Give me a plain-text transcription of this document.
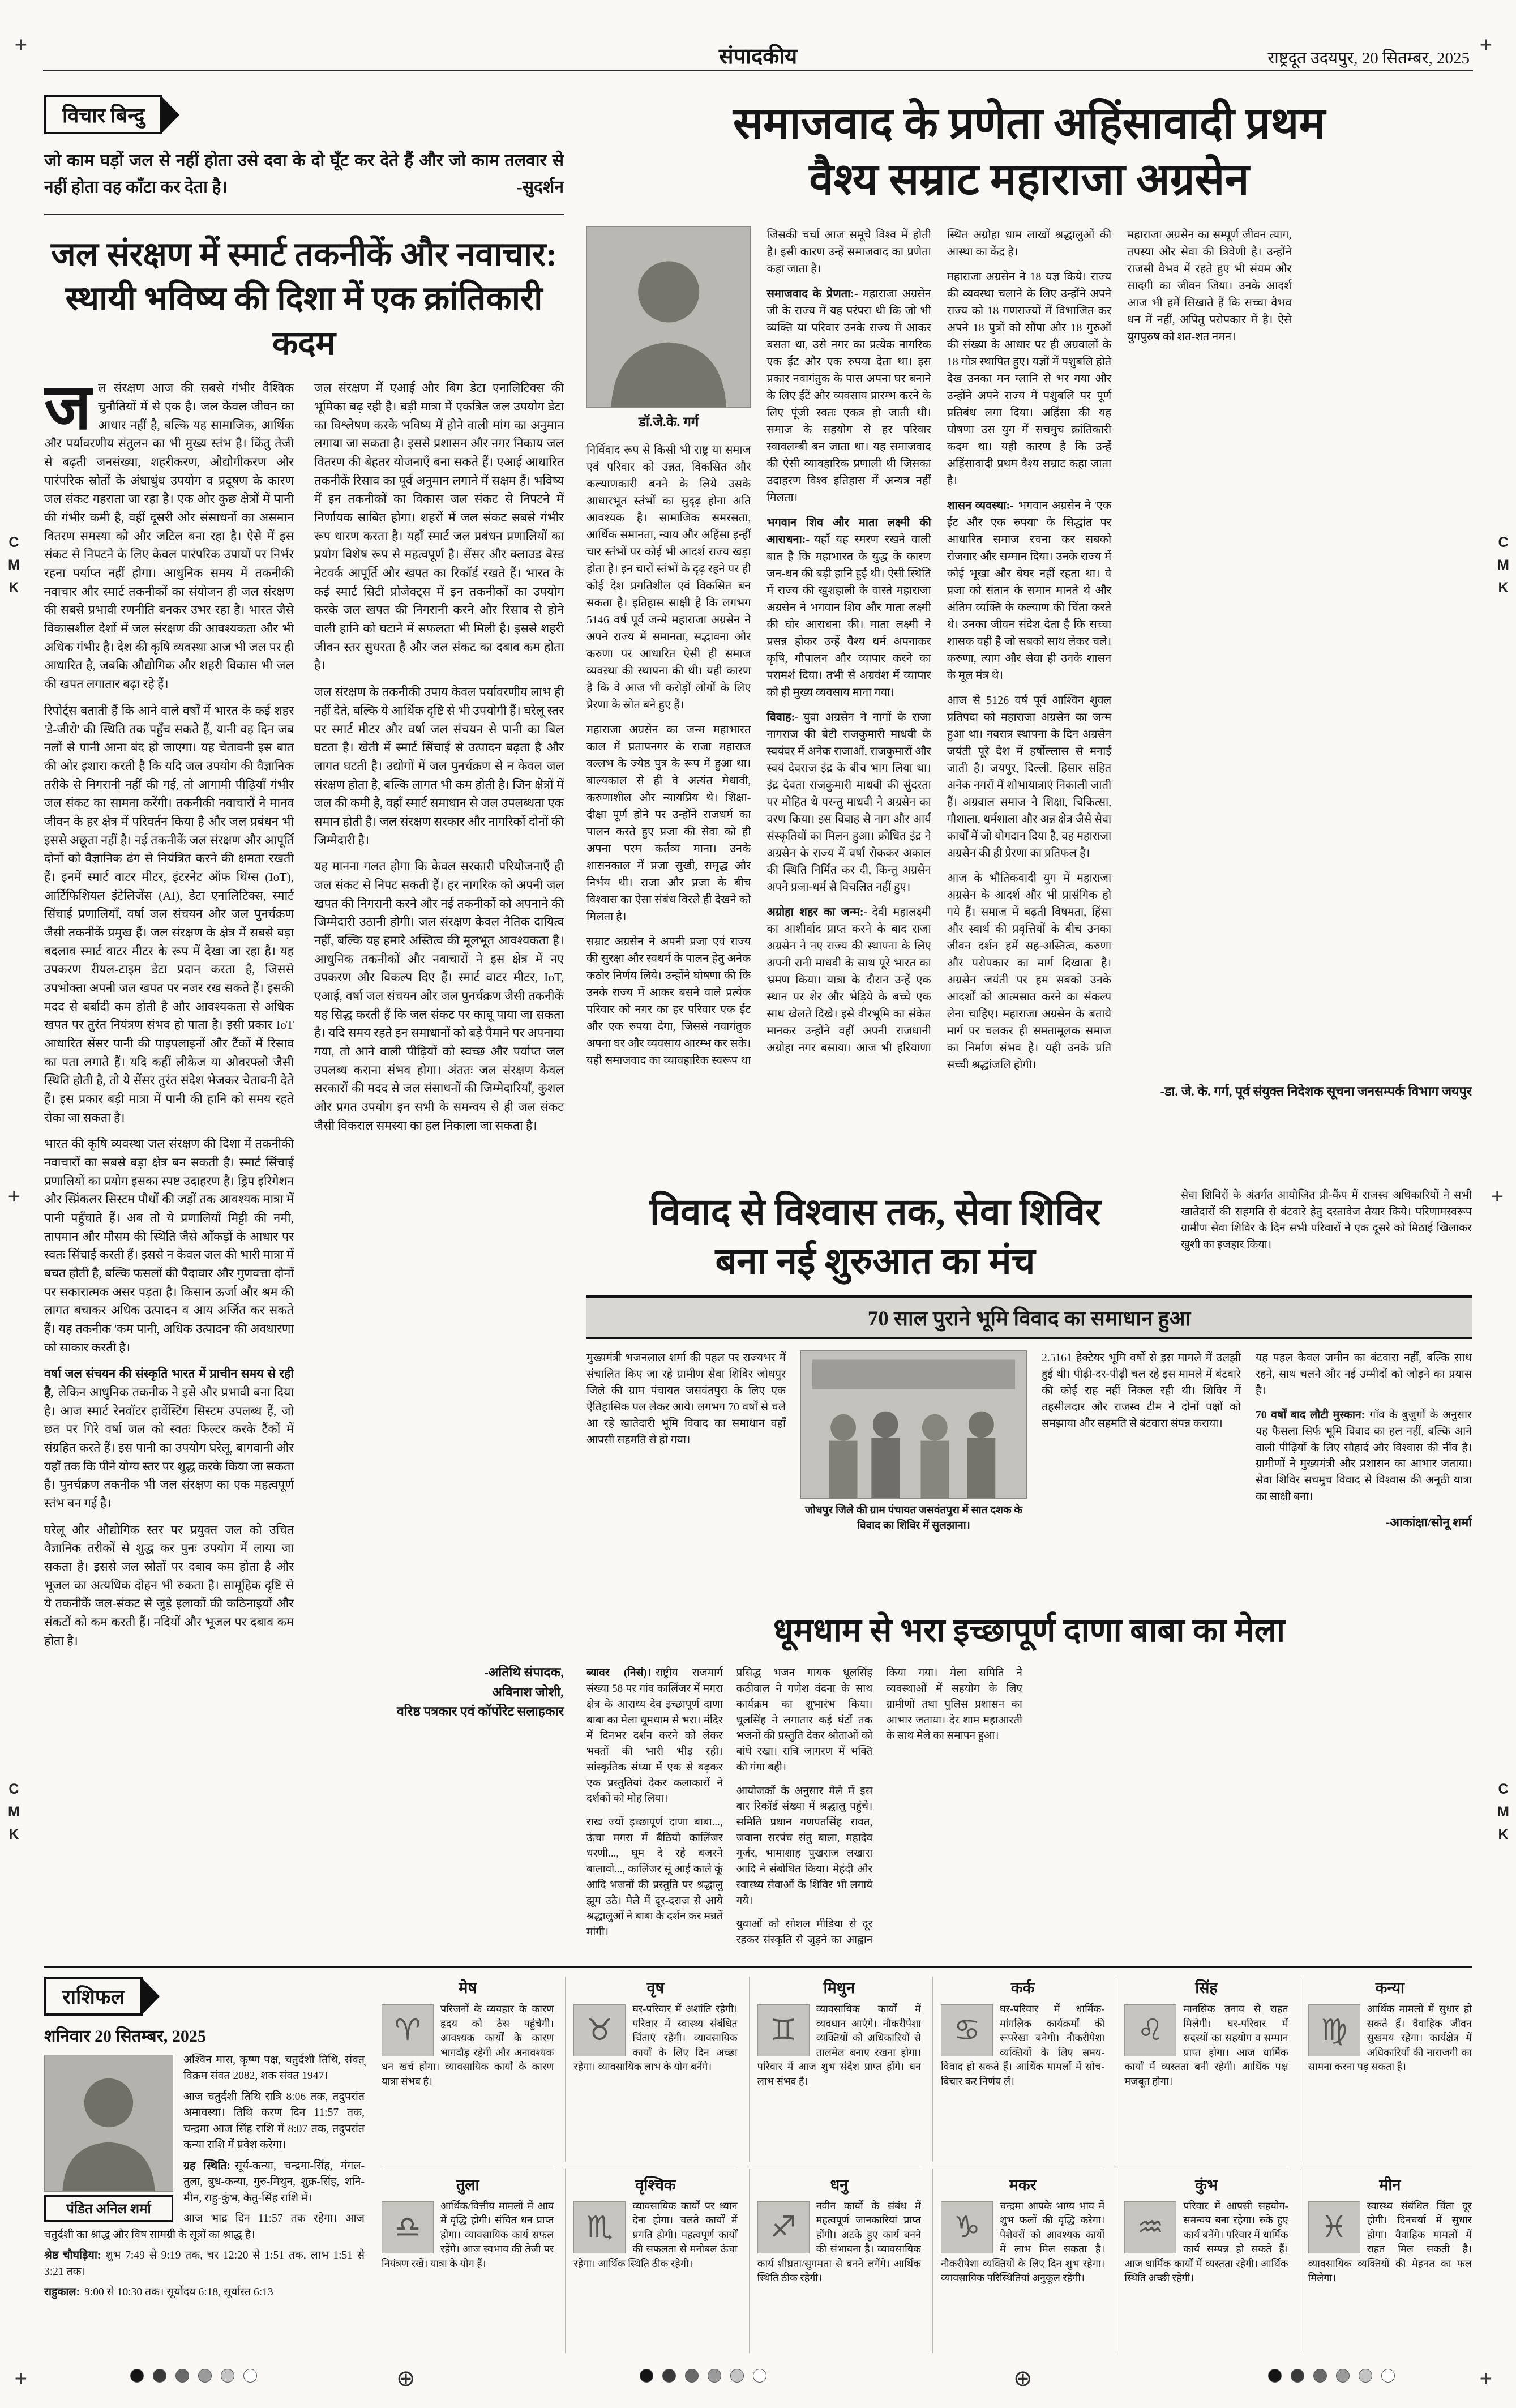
+	+
+	+
+	+
C
M
K
C
M
K
C
M
K
C
M
K
संपादकीय	राष्ट्रदूत उदयपुर, 20 सितम्बर, 2025
विचार बिन्दु
जो काम घड़ों जल से नहीं होता उसे दवा के दो घूँट कर देते हैं और जो काम तलवार से नहीं होता वह काँटा कर देता है।	-सुदर्शन
जल संरक्षण में स्मार्ट तकनीकें और नवाचार: स्थायी भविष्य की दिशा में एक क्रांतिकारी कदम

जल संरक्षण आज की सबसे गंभीर वैश्विक चुनौतियों में से एक है। जल केवल जीवन का आधार नहीं है, बल्कि यह सामाजिक, आर्थिक और पर्यावरणीय संतुलन का भी मुख्य स्तंभ है। किंतु तेजी से बढ़ती जनसंख्या, शहरीकरण, औद्योगीकरण और पारंपरिक स्रोतों के अंधाधुंध उपयोग व प्रदूषण के कारण जल संकट गहराता जा रहा है। एक ओर कुछ क्षेत्रों में पानी की गंभीर कमी है, वहीं दूसरी ओर संसाधनों का असमान वितरण समस्या को और जटिल बना रहा है। ऐसे में इस संकट से निपटने के लिए केवल पारंपरिक उपायों पर निर्भर रहना पर्याप्त नहीं होगा। आधुनिक समय में तकनीकी नवाचार और स्मार्ट तकनीकों का संयोजन ही जल संरक्षण की सबसे प्रभावी रणनीति बनकर उभर रहा है। भारत जैसे विकासशील देशों में जल संरक्षण की आवश्यकता और भी अधिक गंभीर है। देश की कृषि व्यवस्था आज भी जल पर ही आधारित है, जबकि औद्योगिक और शहरी विकास भी जल की खपत लगातार बढ़ा रहे हैं।

रिपोर्ट्स बताती हैं कि आने वाले वर्षों में भारत के कई शहर 'डे-जीरो' की स्थिति तक पहुँच सकते हैं, यानी वह दिन जब नलों से पानी आना बंद हो जाएगा। यह चेतावनी इस बात की ओर इशारा करती है कि यदि जल उपयोग की वैज्ञानिक तरीके से निगरानी नहीं की गई, तो आगामी पीढ़ियाँ गंभीर जल संकट का सामना करेंगी। तकनीकी नवाचारों ने मानव जीवन के हर क्षेत्र में परिवर्तन किया है और जल प्रबंधन भी इससे अछूता नहीं है। नई तकनीकें जल संरक्षण और आपूर्ति दोनों को वैज्ञानिक ढंग से नियंत्रित करने की क्षमता रखती हैं। इनमें स्मार्ट वाटर मीटर, इंटरनेट ऑफ थिंग्स (IoT), आर्टिफिशियल इंटेलिजेंस (AI), डेटा एनालिटिक्स, स्मार्ट सिंचाई प्रणालियाँ, वर्षा जल संचयन और जल पुनर्चक्रण जैसी तकनीकें प्रमुख हैं। जल संरक्षण के क्षेत्र में सबसे बड़ा बदलाव स्मार्ट वाटर मीटर के रूप में देखा जा रहा है। यह उपकरण रीयल-टाइम डेटा प्रदान करता है, जिससे उपभोक्ता अपनी जल खपत पर नजर रख सकते हैं। इसकी मदद से बर्बादी कम होती है और आवश्यकता से अधिक खपत पर तुरंत नियंत्रण संभव हो पाता है। इसी प्रकार IoT आधारित सेंसर पानी की पाइपलाइनों और टैंकों में रिसाव का पता लगाते हैं। यदि कहीं लीकेज या ओवरफ्लो जैसी स्थिति होती है, तो ये सेंसर तुरंत संदेश भेजकर चेतावनी देते हैं। इस प्रकार बड़ी मात्रा में पानी की हानि को समय रहते रोका जा सकता है।

भारत की कृषि व्यवस्था जल संरक्षण की दिशा में तकनीकी नवाचारों का सबसे बड़ा क्षेत्र बन सकती है। स्मार्ट सिंचाई प्रणालियों का प्रयोग इसका स्पष्ट उदाहरण है। ड्रिप इरिगेशन और स्प्रिंकलर सिस्टम पौधों की जड़ों तक आवश्यक मात्रा में पानी पहुँचाते हैं। अब तो ये प्रणालियाँ मिट्टी की नमी, तापमान और मौसम की स्थिति जैसे आँकड़ों के आधार पर स्वतः सिंचाई करती हैं। इससे न केवल जल की भारी मात्रा में बचत होती है, बल्कि फसलों की पैदावार और गुणवत्ता दोनों पर सकारात्मक असर पड़ता है। किसान ऊर्जा और श्रम की लागत बचाकर अधिक उत्पादन व आय अर्जित कर सकते हैं। यह तकनीक 'कम पानी, अधिक उत्पादन' की अवधारणा को साकार करती है।

वर्षा जल संचयन की संस्कृति भारत में प्राचीन समय से रही है, लेकिन आधुनिक तकनीक ने इसे और प्रभावी बना दिया है। आज स्मार्ट रेनवॉटर हार्वेस्टिंग सिस्टम उपलब्ध हैं, जो छत पर गिरे वर्षा जल को स्वतः फिल्टर करके टैंकों में संग्रहित करते हैं। इस पानी का उपयोग घरेलू, बागवानी और यहाँ तक कि पीने योग्य स्तर पर शुद्ध करके किया जा सकता है। पुनर्चक्रण तकनीक भी जल संरक्षण का एक महत्वपूर्ण स्तंभ बन गई है।

घरेलू और औद्योगिक स्तर पर प्रयुक्त जल को उचित वैज्ञानिक तरीकों से शुद्ध कर पुनः उपयोग में लाया जा सकता है। इससे जल स्रोतों पर दबाव कम होता है और भूजल का अत्यधिक दोहन भी रुकता है। सामूहिक दृष्टि से ये तकनीकें जल-संकट से जुड़े इलाकों की कठिनाइयों और संकटों को कम करती हैं। नदियों और भूजल पर दबाव कम होता है।

जल संरक्षण में एआई और बिग डेटा एनालिटिक्स की भूमिका बढ़ रही है। बड़ी मात्रा में एकत्रित जल उपयोग डेटा का विश्लेषण करके भविष्य में होने वाली मांग का अनुमान लगाया जा सकता है। इससे प्रशासन और नगर निकाय जल वितरण की बेहतर योजनाएँ बना सकते हैं। एआई आधारित तकनीकें रिसाव का पूर्व अनुमान लगाने में सक्षम हैं। भविष्य में इन तकनीकों का विकास जल संकट से निपटने में निर्णायक साबित होगा। शहरों में जल संकट सबसे गंभीर रूप धारण करता है। यहाँ स्मार्ट जल प्रबंधन प्रणालियों का प्रयोग विशेष रूप से महत्वपूर्ण है। सेंसर और क्लाउड बेस्ड नेटवर्क आपूर्ति और खपत का रिकॉर्ड रखते हैं। भारत के कई स्मार्ट सिटी प्रोजेक्ट्स में इन तकनीकों का उपयोग करके जल खपत की निगरानी करने और रिसाव से होने वाली हानि को घटाने में सफलता भी मिली है। इससे शहरी जीवन स्तर सुधरता है और जल संकट का दबाव कम होता है।

जल संरक्षण के तकनीकी उपाय केवल पर्यावरणीय लाभ ही नहीं देते, बल्कि ये आर्थिक दृष्टि से भी उपयोगी हैं। घरेलू स्तर पर स्मार्ट मीटर और वर्षा जल संचयन से पानी का बिल घटता है। खेती में स्मार्ट सिंचाई से उत्पादन बढ़ता है और लागत घटती है। उद्योगों में जल पुनर्चक्रण से न केवल जल संरक्षण होता है, बल्कि लागत भी कम होती है। जिन क्षेत्रों में जल की कमी है, वहाँ स्मार्ट समाधान से जल उपलब्धता एक समान होती है। जल संरक्षण सरकार और नागरिकों दोनों की जिम्मेदारी है।

यह मानना गलत होगा कि केवल सरकारी परियोजनाएँ ही जल संकट से निपट सकती हैं। हर नागरिक को अपनी जल खपत की निगरानी करने और नई तकनीकों को अपनाने की जिम्मेदारी उठानी होगी। जल संरक्षण केवल नैतिक दायित्व नहीं, बल्कि यह हमारे अस्तित्व की मूलभूत आवश्यकता है। आधुनिक तकनीकों और नवाचारों ने इस क्षेत्र में नए उपकरण और विकल्प दिए हैं। स्मार्ट वाटर मीटर, IoT, एआई, वर्षा जल संचयन और जल पुनर्चक्रण जैसी तकनीकें यह सिद्ध करती हैं कि जल संकट पर काबू पाया जा सकता है। यदि समय रहते इन समाधानों को बड़े पैमाने पर अपनाया गया, तो आने वाली पीढ़ियों को स्वच्छ और पर्याप्त जल उपलब्ध कराना संभव होगा। अंततः जल संरक्षण केवल सरकारों की मदद से जल संसाधनों की जिम्मेदारियाँ, कुशल और प्रगत उपयोग इन सभी के समन्वय से ही जल संकट जैसी विकराल समस्या का हल निकाला जा सकता है।

-अतिथि संपादक,
अविनाश जोशी,
वरिष्ठ पत्रकार एवं कॉर्पोरेट सलाहकार
समाजवाद के प्रणेता अहिंसावादी प्रथम
वैश्य सम्राट महाराजा अग्रसेन
डॉ.जे.के. गर्ग

निर्विवाद रूप से किसी भी राष्ट्र या समाज एवं परिवार को उन्नत, विकसित और कल्याणकारी बनने के लिये उसके आधारभूत स्तंभों का सुदृढ़ होना अति आवश्यक है। सामाजिक समरसता, आर्थिक समानता, न्याय और अहिंसा इन्हीं चार स्तंभों पर कोई भी आदर्श राज्य खड़ा होता है। इन चारों स्तंभों के दृढ़ रहने पर ही कोई देश प्रगतिशील एवं विकसित बन सकता है। इतिहास साक्षी है कि लगभग 5146 वर्ष पूर्व जन्मे महाराजा अग्रसेन ने अपने राज्य में समानता, सद्भावना और करुणा पर आधारित ऐसी ही समाज व्यवस्था की स्थापना की थी। यही कारण है कि वे आज भी करोड़ों लोगों के लिए प्रेरणा के स्रोत बने हुए हैं।

महाराजा अग्रसेन का जन्म महाभारत काल में प्रतापनगर के राजा महाराज वल्लभ के ज्येष्ठ पुत्र के रूप में हुआ था। बाल्यकाल से ही वे अत्यंत मेधावी, करुणाशील और न्यायप्रिय थे। शिक्षा-दीक्षा पूर्ण होने पर उन्होंने राजधर्म का पालन करते हुए प्रजा की सेवा को ही अपना परम कर्तव्य माना। उनके शासनकाल में प्रजा सुखी, समृद्ध और निर्भय थी। राजा और प्रजा के बीच विश्वास का ऐसा संबंध विरले ही देखने को मिलता है।

सम्राट अग्रसेन ने अपनी प्रजा एवं राज्य की सुरक्षा और स्वधर्म के पालन हेतु अनेक कठोर निर्णय लिये। उन्होंने घोषणा की कि उनके राज्य में आकर बसने वाले प्रत्येक परिवार को नगर का हर परिवार एक ईंट और एक रुपया देगा, जिससे नवागंतुक अपना घर और व्यवसाय आरम्भ कर सके। यही समाजवाद का व्यावहारिक स्वरूप था जिसकी चर्चा आज समूचे विश्व में होती है। इसी कारण उन्हें समाजवाद का प्रणेता कहा जाता है।

समाजवाद के प्रेणता:- महाराजा अग्रसेन जी के राज्य में यह परंपरा थी कि जो भी व्यक्ति या परिवार उनके राज्य में आकर बसता था, उसे नगर का प्रत्येक नागरिक एक ईंट और एक रुपया देता था। इस प्रकार नवागंतुक के पास अपना घर बनाने के लिए ईंटें और व्यवसाय प्रारम्भ करने के लिए पूंजी स्वतः एकत्र हो जाती थी। समाज के सहयोग से हर परिवार स्वावलम्बी बन जाता था। यह समाजवाद की ऐसी व्यावहारिक प्रणाली थी जिसका उदाहरण विश्व इतिहास में अन्यत्र नहीं मिलता।

भगवान शिव और माता लक्ष्मी की आराधना:- यहाँ यह स्मरण रखने वाली बात है कि महाभारत के युद्ध के कारण जन-धन की बड़ी हानि हुई थी। ऐसी स्थिति में राज्य की खुशहाली के वास्ते महाराजा अग्रसेन ने भगवान शिव और माता लक्ष्मी की घोर आराधना की। माता लक्ष्मी ने प्रसन्न होकर उन्हें वैश्य धर्म अपनाकर कृषि, गौपालन और व्यापार करने का परामर्श दिया। तभी से अग्रवंश में व्यापार को ही मुख्य व्यवसाय माना गया।

विवाह:- युवा अग्रसेन ने नागों के राजा नागराज की बेटी राजकुमारी माधवी के स्वयंवर में अनेक राजाओं, राजकुमारों और स्वयं देवराज इंद्र के बीच भाग लिया था। इंद्र देवता राजकुमारी माधवी की सुंदरता पर मोहित थे परन्तु माधवी ने अग्रसेन का वरण किया। इस विवाह से नाग और आर्य संस्कृतियों का मिलन हुआ। क्रोधित इंद्र ने अग्रसेन के राज्य में वर्षा रोककर अकाल की स्थिति निर्मित कर दी, किन्तु अग्रसेन अपने प्रजा-धर्म से विचलित नहीं हुए।

अग्रोहा शहर का जन्म:- देवी महालक्ष्मी का आशीर्वाद प्राप्त करने के बाद राजा अग्रसेन ने नए राज्य की स्थापना के लिए अपनी रानी माधवी के साथ पूरे भारत का भ्रमण किया। यात्रा के दौरान उन्हें एक स्थान पर शेर और भेड़िये के बच्चे एक साथ खेलते दिखे। इसे वीरभूमि का संकेत मानकर उन्होंने वहीं अपनी राजधानी अग्रोहा नगर बसाया। आज भी हरियाणा स्थित अग्रोहा धाम लाखों श्रद्धालुओं की आस्था का केंद्र है।

महाराजा अग्रसेन ने 18 यज्ञ किये। राज्य की व्यवस्था चलाने के लिए उन्होंने अपने राज्य को 18 गणराज्यों में विभाजित कर अपने 18 पुत्रों को सौंपा और 18 गुरुओं की संख्या के आधार पर ही अग्रवालों के 18 गोत्र स्थापित हुए। यज्ञों में पशुबलि होते देख उनका मन ग्लानि से भर गया और उन्होंने अपने राज्य में पशुबलि पर पूर्ण प्रतिबंध लगा दिया। अहिंसा की यह घोषणा उस युग में सचमुच क्रांतिकारी कदम था। यही कारण है कि उन्हें अहिंसावादी प्रथम वैश्य सम्राट कहा जाता है।

शासन व्यवस्था:- भगवान अग्रसेन ने 'एक ईंट और एक रुपया' के सिद्धांत पर आधारित समाज रचना कर सबको रोजगार और सम्मान दिया। उनके राज्य में कोई भूखा और बेघर नहीं रहता था। वे प्रजा को संतान के समान मानते थे और अंतिम व्यक्ति के कल्याण की चिंता करते थे। उनका जीवन संदेश देता है कि सच्चा शासक वही है जो सबको साथ लेकर चले। करुणा, त्याग और सेवा ही उनके शासन के मूल मंत्र थे।

आज से 5126 वर्ष पूर्व आश्विन शुक्ल प्रतिपदा को महाराजा अग्रसेन का जन्म हुआ था। नवरात्र स्थापना के दिन अग्रसेन जयंती पूरे देश में हर्षोल्लास से मनाई जाती है। जयपुर, दिल्ली, हिसार सहित अनेक नगरों में शोभायात्राएं निकाली जाती हैं। अग्रवाल समाज ने शिक्षा, चिकित्सा, गौशाला, धर्मशाला और अन्न क्षेत्र जैसे सेवा कार्यों में जो योगदान दिया है, वह महाराजा अग्रसेन की ही प्रेरणा का प्रतिफल है।

आज के भौतिकवादी युग में महाराजा अग्रसेन के आदर्श और भी प्रासंगिक हो गये हैं। समाज में बढ़ती विषमता, हिंसा और स्वार्थ की प्रवृत्तियों के बीच उनका जीवन दर्शन हमें सह-अस्तित्व, करुणा और परोपकार का मार्ग दिखाता है। अग्रसेन जयंती पर हम सबको उनके आदर्शों को आत्मसात करने का संकल्प लेना चाहिए। महाराजा अग्रसेन के बताये मार्ग पर चलकर ही समतामूलक समाज का निर्माण संभव है। यही उनके प्रति सच्ची श्रद्धांजलि होगी।

महाराजा अग्रसेन का सम्पूर्ण जीवन त्याग, तपस्या और सेवा की त्रिवेणी है। उन्होंने राजसी वैभव में रहते हुए भी संयम और सादगी का जीवन जिया। उनके आदर्श आज भी हमें सिखाते हैं कि सच्चा वैभव धन में नहीं, अपितु परोपकार में है। ऐसे युगपुरुष को शत-शत नमन।

-डा. जे. के. गर्ग, पूर्व संयुक्त निदेशक सूचना जनसम्पर्क विभाग जयपुर
विवाद से विश्वास तक, सेवा शिविर
बना नई शुरुआत का मंच

सेवा शिविरों के अंतर्गत आयोजित प्री-कैंप में राजस्व अधिकारियों ने सभी खातेदारों की सहमति से बंटवारे हेतु दस्तावेज तैयार किये। परिणामस्वरूप ग्रामीण सेवा शिविर के दिन सभी परिवारों ने एक दूसरे को मिठाई खिलाकर खुशी का इजहार किया।

70 साल पुराने भूमि विवाद का समाधान हुआ

मुख्यमंत्री भजनलाल शर्मा की पहल पर राज्यभर में संचालित किए जा रहे ग्रामीण सेवा शिविर जोधपुर जिले की ग्राम पंचायत जसवंतपुरा के लिए एक ऐतिहासिक पल लेकर आये। लगभग 70 वर्षों से चले आ रहे खातेदारी भूमि विवाद का समाधान वहाँ आपसी सहमति से हो गया।

जोधपुर जिले की ग्राम पंचायत जसवंतपुरा में सात दशक के विवाद का शिविर में सुलझाना।

2.5161 हेक्टेयर भूमि वर्षों से इस मामले में उलझी हुई थी। पीढ़ी-दर-पीढ़ी चल रहे इस मामले में बंटवारे की कोई राह नहीं निकल रही थी। शिविर में तहसीलदार और राजस्व टीम ने दोनों पक्षों को समझाया और सहमति से बंटवारा संपन्न कराया।

यह पहल केवल जमीन का बंटवारा नहीं, बल्कि साथ रहने, साथ चलने और नई उम्मीदों को जोड़ने का प्रयास है।

70 वर्षों बाद लौटी मुस्कान: गाँव के बुजुर्गों के अनुसार यह फैसला सिर्फ भूमि विवाद का हल नहीं, बल्कि आने वाली पीढ़ियों के लिए सौहार्द और विश्वास की नींव है। ग्रामीणों ने मुख्यमंत्री और प्रशासन का आभार जताया। सेवा शिविर सचमुच विवाद से विश्वास की अनूठी यात्रा का साक्षी बना।

-आकांक्षा/सोनू शर्मा
धूमधाम से भरा इच्छापूर्ण दाणा बाबा का मेला

ब्यावर (निसं)। राष्ट्रीय राजमार्ग संख्या 58 पर गांव कालिंजर में मगरा क्षेत्र के आराध्य देव इच्छापूर्ण दाणा बाबा का मेला धूमधाम से भरा। मंदिर में दिनभर दर्शन करने को लेकर भक्तों की भारी भीड़ रही। सांस्कृतिक संध्या में एक से बढ़कर एक प्रस्तुतियां देकर कलाकारों ने दर्शकों को मोह लिया।

राख ज्यों इच्छापूर्ण दाणा बाबा..., ऊंचा मगरा में बैठियो कालिंजर धरणी..., घूम दे रहे बजरने बालावो..., कालिंजर सूं आई काले कूं आदि भजनों की प्रस्तुति पर श्रद्धालु झूम उठे। मेले में दूर-दराज से आये श्रद्धालुओं ने बाबा के दर्शन कर मन्नतें मांगी।

प्रसिद्ध भजन गायक धूलसिंह कठीवाल ने गणेश वंदना के साथ कार्यक्रम का शुभारंभ किया। धूलसिंह ने लगातार कई घंटों तक भजनों की प्रस्तुति देकर श्रोताओं को बांधे रखा। रात्रि जागरण में भक्ति की गंगा बही।

आयोजकों के अनुसार मेले में इस बार रिकॉर्ड संख्या में श्रद्धालु पहुंचे। समिति प्रधान गणपतसिंह रावत, जवाना सरपंच संतु बाला, महादेव गुर्जर, भामाशाह पुखराज लखारा आदि ने संबोधित किया। मेहंदी और स्वास्थ्य सेवाओं के शिविर भी लगाये गये।

युवाओं को सोशल मीडिया से दूर रहकर संस्कृति से जुड़ने का आह्वान किया गया। मेला समिति ने व्यवस्थाओं में सहयोग के लिए ग्रामीणों तथा पुलिस प्रशासन का आभार जताया। देर शाम महाआरती के साथ मेले का समापन हुआ।

राशिफल
शनिवार 20 सितम्बर, 2025
पंडित अनिल शर्मा

अश्विन मास, कृष्ण पक्ष, चतुर्दशी तिथि, संवत् विक्रम संवत 2082, शक संवत 1947।

आज चतुर्दशी तिथि रात्रि 8:06 तक, तदुपरांत अमावस्या। तिथि करण दिन 11:57 तक, चन्द्रमा आज सिंह राशि में 8:07 तक, तदुपरांत कन्या राशि में प्रवेश करेगा।

ग्रह स्थिति: सूर्य-कन्या, चन्द्रमा-सिंह, मंगल-तुला, बुध-कन्या, गुरु-मिथुन, शुक्र-सिंह, शनि-मीन, राहु-कुंभ, केतु-सिंह राशि में।

आज भाद्र दिन 11:57 तक रहेगा। आज चतुर्दशी का श्राद्ध और विष सामग्री के सूत्रों का श्राद्ध है।

श्रेष्ठ चौघड़िया: शुभ 7:49 से 9:19 तक, चर 12:20 से 1:51 तक, लाभ 1:51 से 3:21 तक।

राहुकाल: 9:00 से 10:30 तक। सूर्योदय 6:18, सूर्यास्त 6:13

मेष
♈
परिजनों के व्यवहार के कारण हृदय को ठेस पहुंचेगी। आवश्यक कार्यों के कारण भागदौड़ रहेगी और अनावश्यक धन खर्च होगा। व्यावसायिक कार्यों के कारण यात्रा संभव है।
वृष
♉
घर-परिवार में अशांति रहेगी। परिवार में स्वास्थ्य संबंधित चिंताएं रहेंगी। व्यावसायिक कार्यों के लिए दिन अच्छा रहेगा। व्यावसायिक लाभ के योग बनेंगे।
मिथुन
♊
व्यावसायिक कार्यों में व्यवधान आएंगे। नौकरीपेशा व्यक्तियों को अधिकारियों से तालमेल बनाए रखना होगा। परिवार में आज शुभ संदेश प्राप्त होंगे। धन लाभ संभव है।
कर्क
♋
घर-परिवार में धार्मिक-मांगलिक कार्यक्रमों की रूपरेखा बनेगी। नौकरीपेशा व्यक्तियों के लिए समय-विवाद हो सकते हैं। आर्थिक मामलों में सोच-विचार कर निर्णय लें।
सिंह
♌
मानसिक तनाव से राहत मिलेगी। घर-परिवार में सदस्यों का सहयोग व सम्मान प्राप्त होगा। आज धार्मिक कार्यों में व्यस्तता बनी रहेगी। आर्थिक पक्ष मजबूत होगा।
कन्या
♍
आर्थिक मामलों में सुधार हो सकते हैं। वैवाहिक जीवन सुखमय रहेगा। कार्यक्षेत्र में अधिकारियों की नाराजगी का सामना करना पड़ सकता है।
तुला
♎
आर्थिक/वित्तीय मामलों में आय में वृद्धि होगी। संचित धन प्राप्त होगा। व्यावसायिक कार्य सफल रहेंगे। आज स्वभाव की तेजी पर नियंत्रण रखें। यात्रा के योग हैं।
वृश्चिक
♏
व्यावसायिक कार्यों पर ध्यान देना होगा। चलते कार्यों में प्रगति होगी। महत्वपूर्ण कार्यों की सफलता से मनोबल ऊंचा रहेगा। आर्थिक स्थिति ठीक रहेगी।
धनु
♐
नवीन कार्यों के संबंध में महत्वपूर्ण जानकारियां प्राप्त होंगी। अटके हुए कार्य बनने की संभावना है। व्यावसायिक कार्य शीघ्रता/सुगमता से बनने लगेंगे। आर्थिक स्थिति ठीक रहेगी।
मकर
♑
चन्द्रमा आपके भाग्य भाव में शुभ फलों की वृद्धि करेगा। पेशेवरों को आवश्यक कार्यों में लाभ मिल सकता है। नौकरीपेशा व्यक्तियों के लिए दिन शुभ रहेगा। व्यावसायिक परिस्थितियां अनुकूल रहेंगी।
कुंभ
♒
परिवार में आपसी सहयोग-समन्वय बना रहेगा। रुके हुए कार्य बनेंगे। परिवार में धार्मिक कार्य सम्पन्न हो सकते हैं। आज धार्मिक कार्यों में व्यस्तता रहेगी। आर्थिक स्थिति अच्छी रहेगी।
मीन
♓
स्वास्थ्य संबंधित चिंता दूर होगी। दिनचर्या में सुधार होगा। वैवाहिक मामलों में राहत मिल सकती है। व्यावसायिक व्यक्तियों की मेहनत का फल मिलेगा।
⊕	⊕
